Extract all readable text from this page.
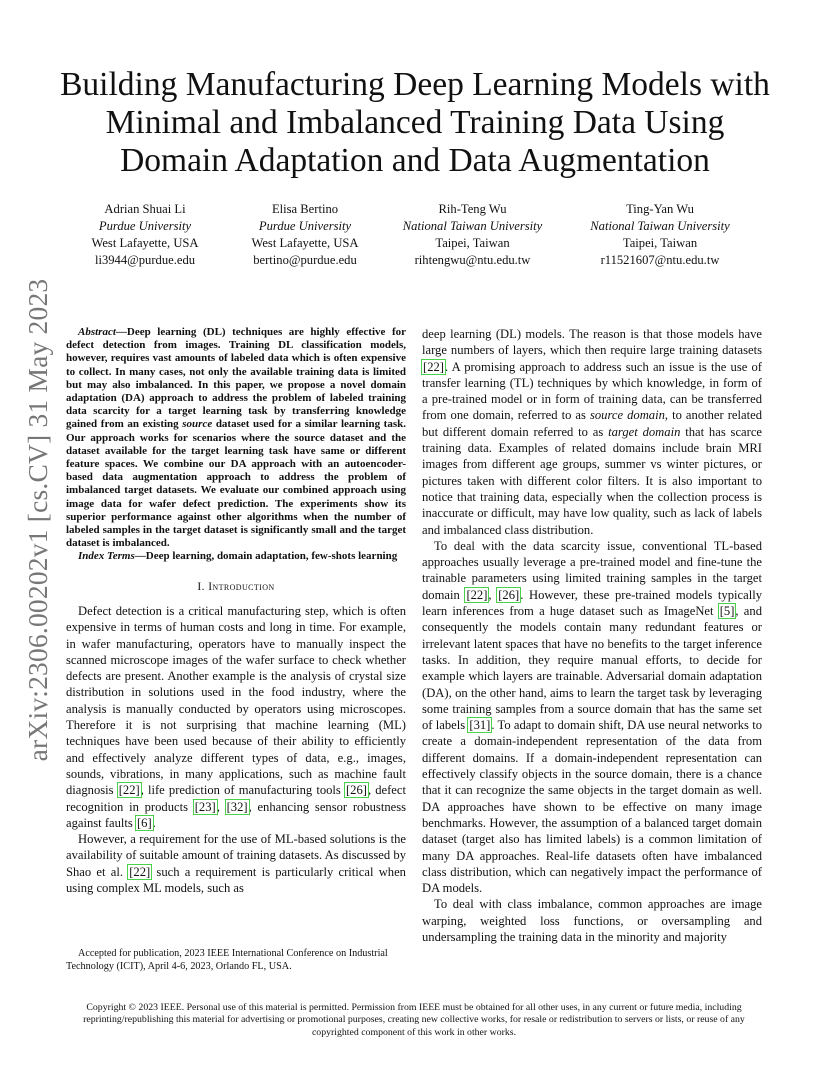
arXiv:2306.00202v1 [cs.CV] 31 May 2023
Building Manufacturing Deep Learning Models with Minimal and Imbalanced Training Data Using Domain Adaptation and Data Augmentation
Adrian Shuai Li
Purdue University
West Lafayette, USA
li3944@purdue.edu
Elisa Bertino
Purdue University
West Lafayette, USA
bertino@purdue.edu
Rih-Teng Wu
National Taiwan University
Taipei, Taiwan
rihtengwu@ntu.edu.tw
Ting-Yan Wu
National Taiwan University
Taipei, Taiwan
r11521607@ntu.edu.tw

Abstract—Deep learning (DL) techniques are highly effective for defect detection from images. Training DL classification models, however, requires vast amounts of labeled data which is often expensive to collect. In many cases, not only the available training data is limited but may also imbalanced. In this paper, we propose a novel domain adaptation (DA) approach to address the problem of labeled training data scarcity for a target learning task by transferring knowledge gained from an existing source dataset used for a similar learning task. Our approach works for scenarios where the source dataset and the dataset available for the target learning task have same or different feature spaces. We combine our DA approach with an autoencoder-based data augmentation approach to address the problem of imbalanced target datasets. We evaluate our combined approach using image data for wafer defect prediction. The experiments show its superior performance against other algorithms when the number of labeled samples in the target dataset is significantly small and the target dataset is imbalanced.

Index Terms—Deep learning, domain adaptation, few-shots learning

I. Introduction

Defect detection is a critical manufacturing step, which is often expensive in terms of human costs and long in time. For example, in wafer manufacturing, operators have to manually inspect the scanned microscope images of the wafer surface to check whether defects are present. Another example is the analysis of crystal size distribution in solutions used in the food industry, where the analysis is manually conducted by operators using microscopes. Therefore it is not surprising that machine learning (ML) techniques have been used because of their ability to efficiently and effectively analyze different types of data, e.g., images, sounds, vibrations, in many applications, such as machine fault diagnosis [22], life prediction of manufacturing tools [26], defect recognition in products [23], [32], enhancing sensor robustness against faults [6].

However, a requirement for the use of ML-based solutions is the availability of suitable amount of training datasets. As discussed by Shao et al. [22] such a requirement is particularly critical when using complex ML models, such as

Accepted for publication, 2023 IEEE International Conference on Industrial Technology (ICIT), April 4-6, 2023, Orlando FL, USA.

deep learning (DL) models. The reason is that those models have large numbers of layers, which then require large training datasets [22]. A promising approach to address such an issue is the use of transfer learning (TL) techniques by which knowledge, in form of a pre-trained model or in form of training data, can be transferred from one domain, referred to as source domain, to another related but different domain referred to as target domain that has scarce training data. Examples of related domains include brain MRI images from different age groups, summer vs winter pictures, or pictures taken with different color filters. It is also important to notice that training data, especially when the collection process is inaccurate or difficult, may have low quality, such as lack of labels and imbalanced class distribution.

To deal with the data scarcity issue, conventional TL-based approaches usually leverage a pre-trained model and fine-tune the trainable parameters using limited training samples in the target domain [22], [26]. However, these pre-trained models typically learn inferences from a huge dataset such as ImageNet [5], and consequently the models contain many redundant features or irrelevant latent spaces that have no benefits to the target inference tasks. In addition, they require manual efforts, to decide for example which layers are trainable. Adversarial domain adaptation (DA), on the other hand, aims to learn the target task by leveraging some training samples from a source domain that has the same set of labels [31]. To adapt to domain shift, DA use neural networks to create a domain-independent representation of the data from different domains. If a domain-independent representation can effectively classify objects in the source domain, there is a chance that it can recognize the same objects in the target domain as well. DA approaches have shown to be effective on many image benchmarks. However, the assumption of a balanced target domain dataset (target also has limited labels) is a common limitation of many DA approaches. Real-life datasets often have imbalanced class distribution, which can negatively impact the performance of DA models.

To deal with class imbalance, common approaches are image warping, weighted loss functions, or oversampling and undersampling the training data in the minority and majority

Copyright © 2023 IEEE. Personal use of this material is permitted. Permission from IEEE must be obtained for all other uses, in any current or future media, including reprinting/republishing this material for advertising or promotional purposes, creating new collective works, for resale or redistribution to servers or lists, or reuse of any copyrighted component of this work in other works.
